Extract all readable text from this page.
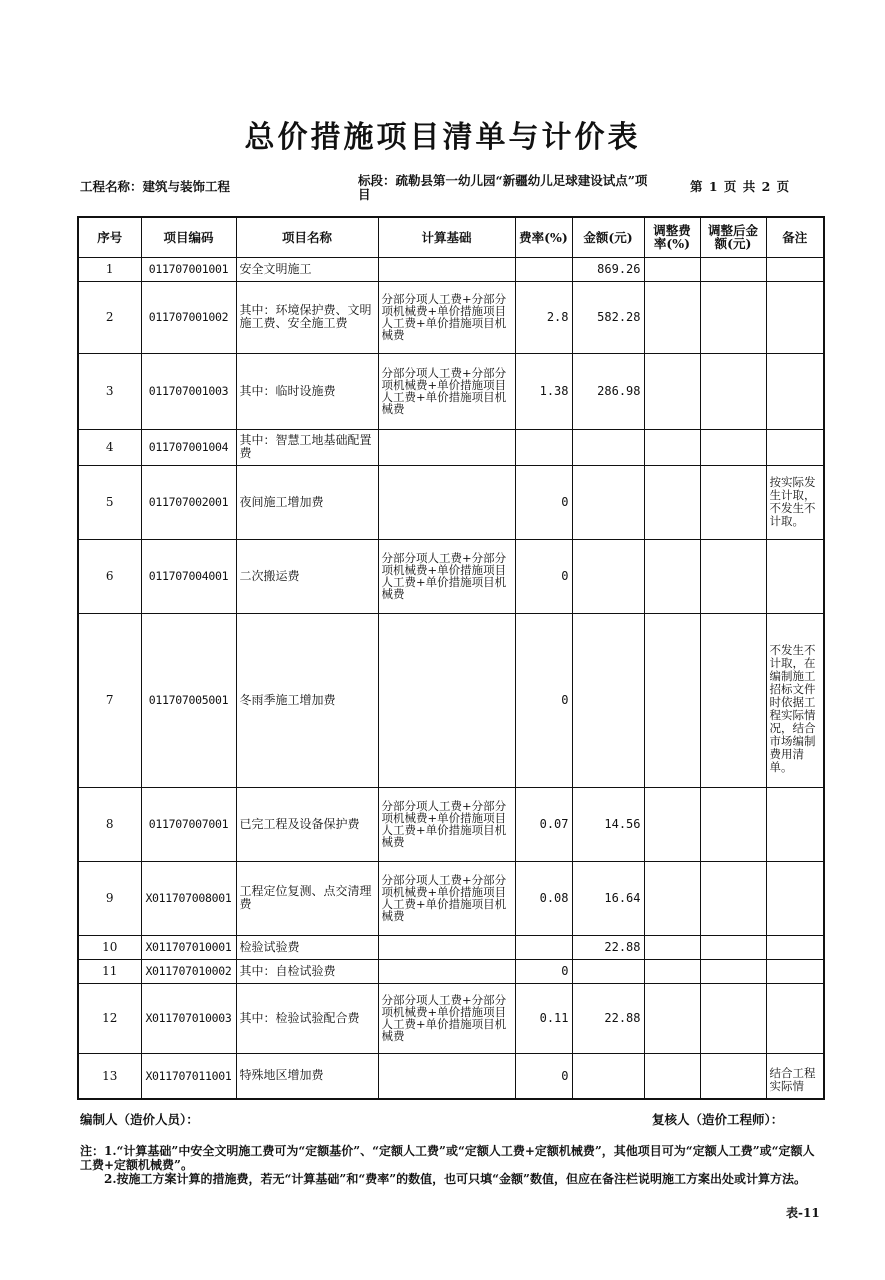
总价措施项目清单与计价表
工程名称：建筑与装饰工程	标段：疏勒县第一幼儿园“新疆幼儿足球建设试点”项目
第 1 页 共 2 页
序号	项目编码	项目名称	计算基础	费率(%)	金额(元)	调整费率(%)	调整后金额(元)	备注
1	011707001001	安全文明施工			869.26			
2	011707001002	其中：环境保护费、文明施工费、安全施工费	分部分项人工费+分部分项机械费+单价措施项目人工费+单价措施项目机械费	2.8	582.28			
3	011707001003	其中：临时设施费	分部分项人工费+分部分项机械费+单价措施项目人工费+单价措施项目机械费	1.38	286.98			
4	011707001004	其中：智慧工地基础配置费						
5	011707002001	夜间施工增加费		0				按实际发生计取，不发生不计取。
6	011707004001	二次搬运费	分部分项人工费+分部分项机械费+单价措施项目人工费+单价措施项目机械费	0				
7	011707005001	冬雨季施工增加费		0				不发生不计取，在编制施工招标文件时依据工程实际情况，结合市场编制费用清单。
8	011707007001	已完工程及设备保护费	分部分项人工费+分部分项机械费+单价措施项目人工费+单价措施项目机械费	0.07	14.56			
9	X011707008001	工程定位复测、点交清理费	分部分项人工费+分部分项机械费+单价措施项目人工费+单价措施项目机械费	0.08	16.64			
10	X011707010001	检验试验费			22.88			
11	X011707010002	其中：自检试验费		0				
12	X011707010003	其中：检验试验配合费	分部分项人工费+分部分项机械费+单价措施项目人工费+单价措施项目机械费	0.11	22.88			
13	X011707011001	特殊地区增加费		0				结合工程实际情
编制人（造价人员）：	复核人（造价工程师）：

注：1.“计算基础”中安全文明施工费可为“定额基价”、“定额人工费”或“定额人工费+定额机械费”，其他项目可为“定额人工费”或“定额人工费+定额机械费”。

2.按施工方案计算的措施费，若无“计算基础”和“费率”的数值，也可只填“金额”数值，但应在备注栏说明施工方案出处或计算方法。

表-11
